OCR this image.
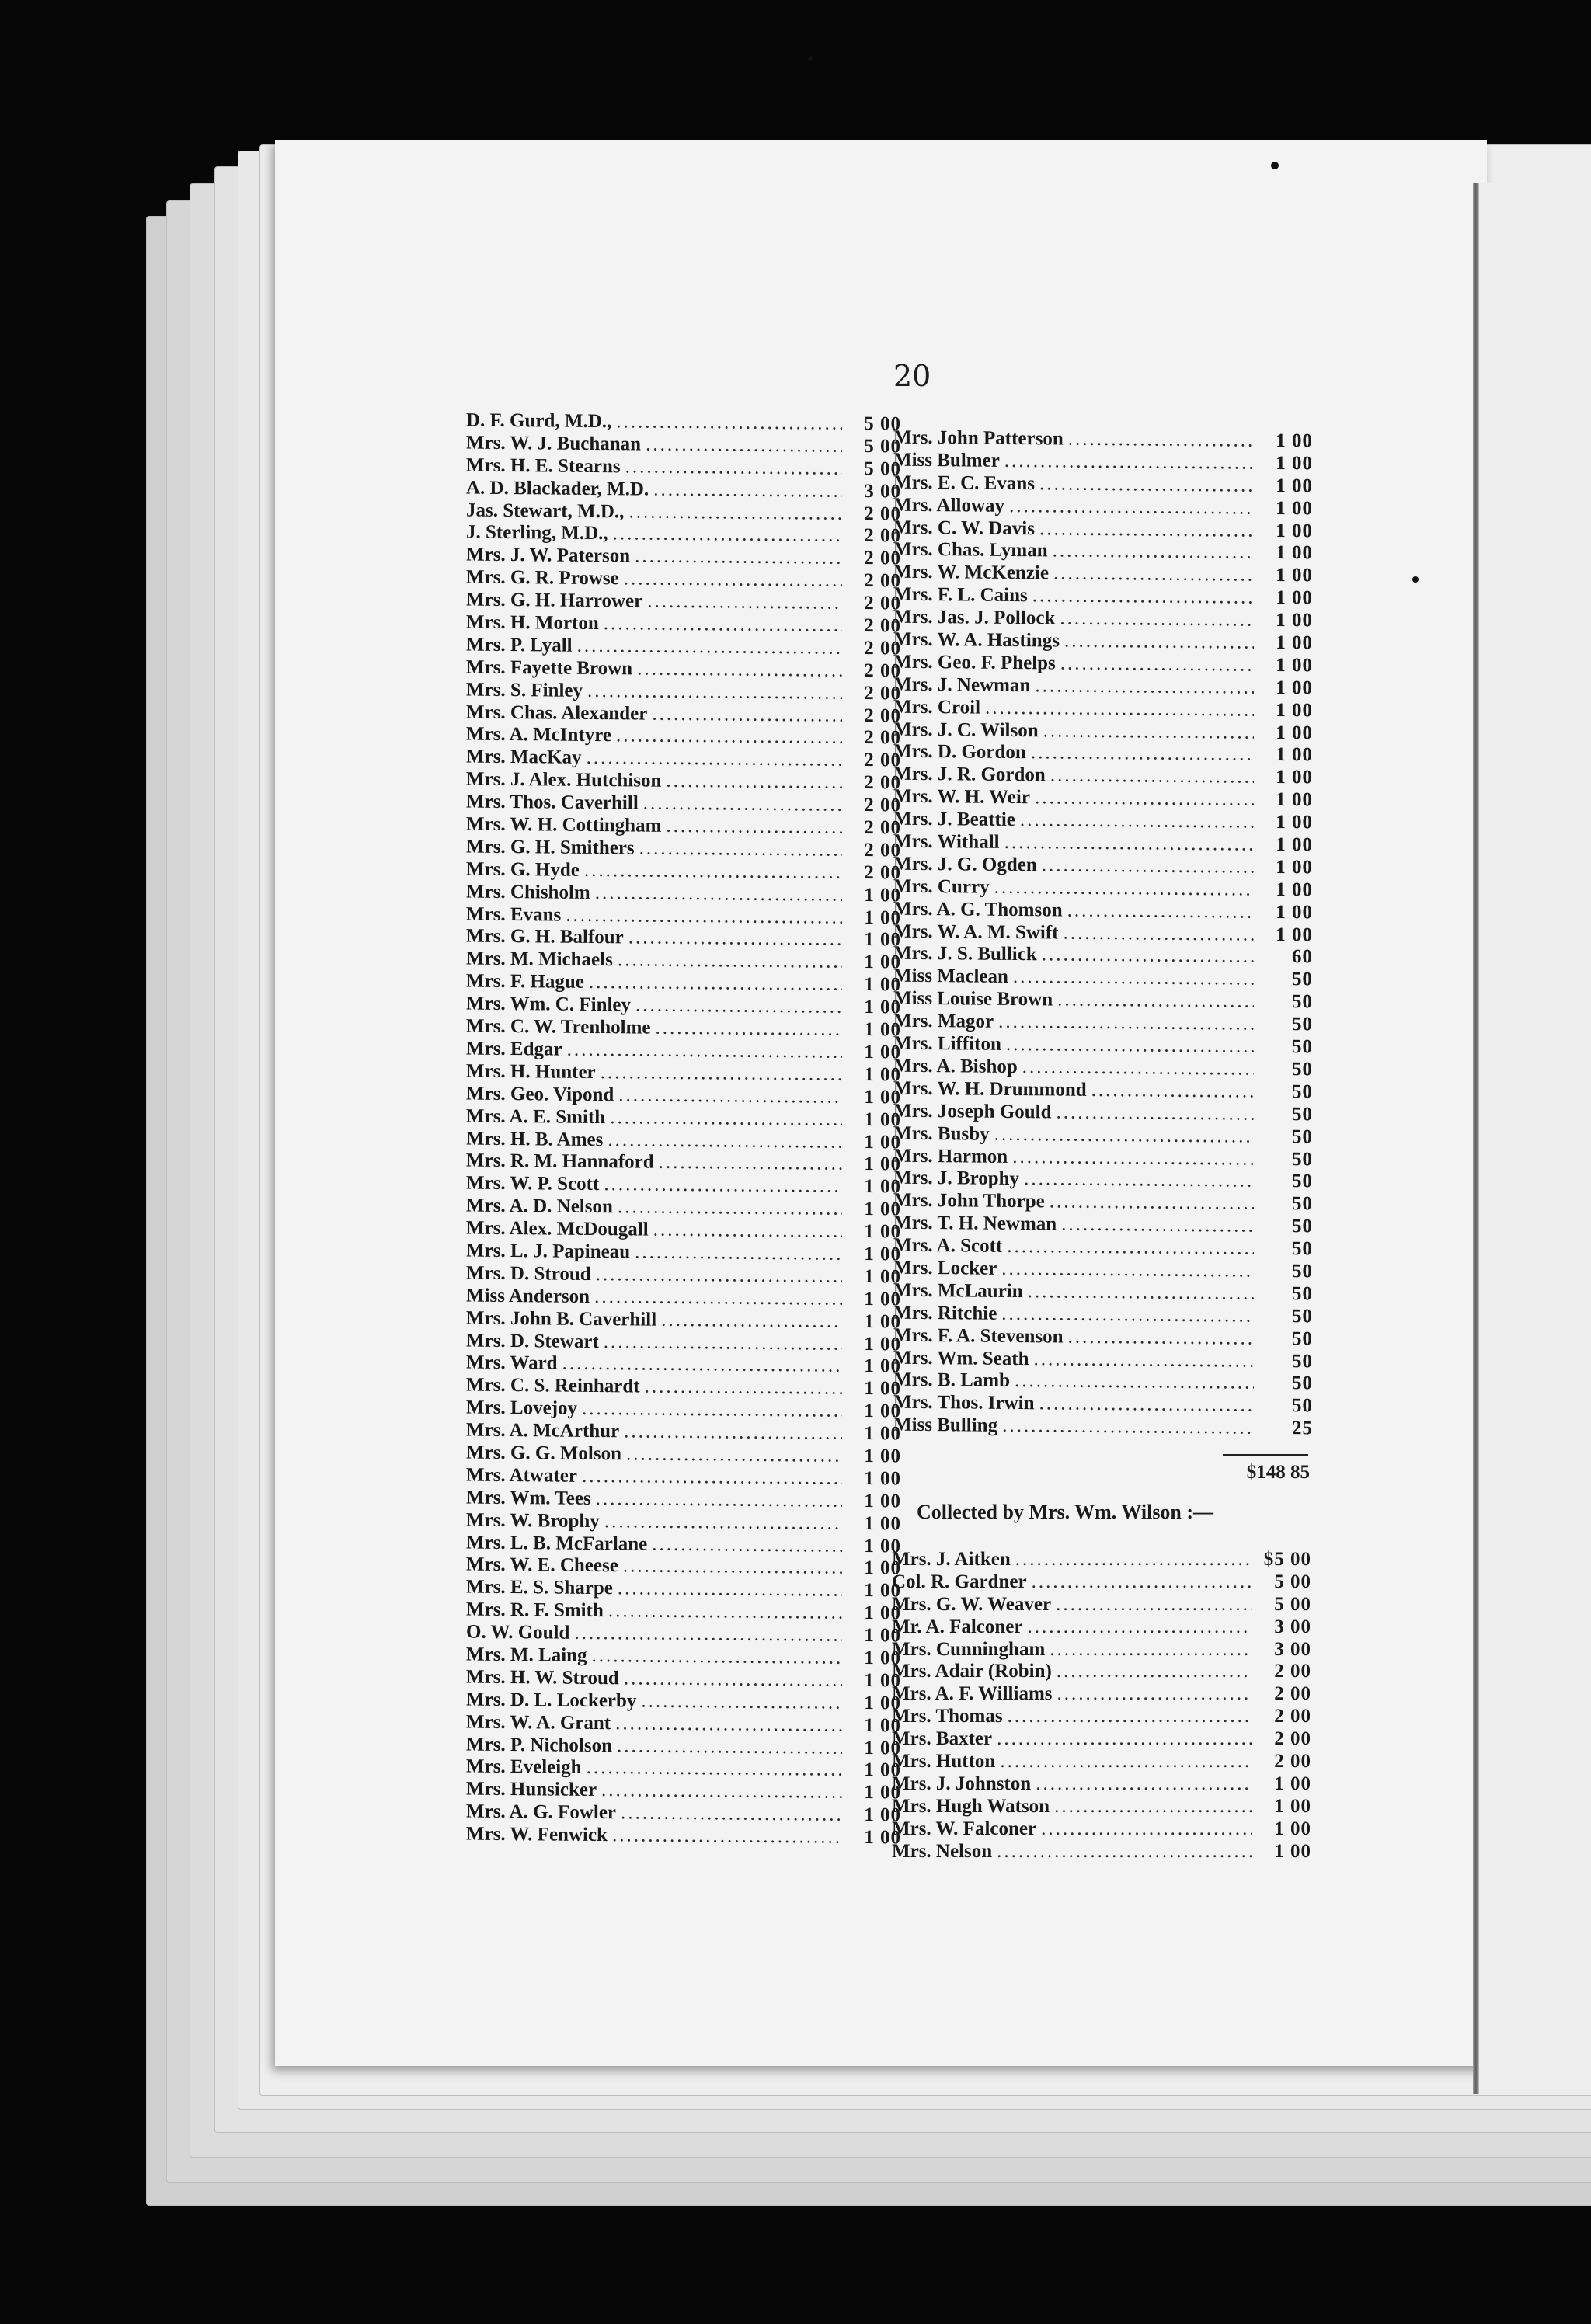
20
D. F. Gurd, M.D., .....	5 00
Mrs. W. J. Buchanan .....	5 00
Mrs. H. E. Stearns .....	5 00
A. D. Blackader, M.D. .....	3 00
Jas. Stewart, M.D., .....	2 00
J. Sterling, M.D., .....	2 00
Mrs. J. W. Paterson .....	2 00
Mrs. G. R. Prowse .....	2 00
Mrs. G. H. Harrower .....	2 00
Mrs. H. Morton .....	2 00
Mrs. P. Lyall .....	2 00
Mrs. Fayette Brown .....	2 00
Mrs. S. Finley .....	2 00
Mrs. Chas. Alexander .....	2 00
Mrs. A. McIntyre .....	2 00
Mrs. MacKay .....	2 00
Mrs. J. Alex. Hutchison .....	2 00
Mrs. Thos. Caverhill .....	2 00
Mrs. W. H. Cottingham .....	2 00
Mrs. G. H. Smithers .....	2 00
Mrs. G. Hyde .....	2 00
Mrs. Chisholm .....	1 00
Mrs. Evans .....	1 00
Mrs. G. H. Balfour .....	1 00
Mrs. M. Michaels .....	1 00
Mrs. F. Hague .....	1 00
Mrs. Wm. C. Finley .....	1 00
Mrs. C. W. Trenholme .....	1 00
Mrs. Edgar .....	1 00
Mrs. H. Hunter .....	1 00
Mrs. Geo. Vipond .....	1 00
Mrs. A. E. Smith .....	1 00
Mrs. H. B. Ames .....	1 00
Mrs. R. M. Hannaford .....	1 00
Mrs. W. P. Scott .....	1 00
Mrs. A. D. Nelson .....	1 00
Mrs. Alex. McDougall .....	1 00
Mrs. L. J. Papineau .....	1 00
Mrs. D. Stroud .....	1 00
Miss Anderson .....	1 00
Mrs. John B. Caverhill .....	1 00
Mrs. D. Stewart .....	1 00
Mrs. Ward .....	1 00
Mrs. C. S. Reinhardt .....	1 00
Mrs. Lovejoy .....	1 00
Mrs. A. McArthur .....	1 00
Mrs. G. G. Molson .....	1 00
Mrs. Atwater .....	1 00
Mrs. Wm. Tees .....	1 00
Mrs. W. Brophy .....	1 00
Mrs. L. B. McFarlane .....	1 00
Mrs. W. E. Cheese .....	1 00
Mrs. E. S. Sharpe .....	1 00
Mrs. R. F. Smith .....	1 00
O. W. Gould .....	1 00
Mrs. M. Laing .....	1 00
Mrs. H. W. Stroud .....	1 00
Mrs. D. L. Lockerby .....	1 00
Mrs. W. A. Grant .....	1 00
Mrs. P. Nicholson .....	1 00
Mrs. Eveleigh .....	1 00
Mrs. Hunsicker .....	1 00
Mrs. A. G. Fowler .....	1 00
Mrs. W. Fenwick .....	1 00
Mrs. John Patterson .....	1 00
Miss Bulmer .....	1 00
Mrs. E. C. Evans .....	1 00
Mrs. Alloway .....	1 00
Mrs. C. W. Davis .....	1 00
Mrs. Chas. Lyman .....	1 00
Mrs. W. McKenzie .....	1 00
Mrs. F. L. Cains .....	1 00
Mrs. Jas. J. Pollock .....	1 00
Mrs. W. A. Hastings .....	1 00
Mrs. Geo. F. Phelps .....	1 00
Mrs. J. Newman .....	1 00
Mrs. Croil .....	1 00
Mrs. J. C. Wilson .....	1 00
Mrs. D. Gordon .....	1 00
Mrs. J. R. Gordon .....	1 00
Mrs. W. H. Weir .....	1 00
Mrs. J. Beattie .....	1 00
Mrs. Withall .....	1 00
Mrs. J. G. Ogden .....	1 00
Mrs. Curry .....	1 00
Mrs. A. G. Thomson .....	1 00
Mrs. W. A. M. Swift .....	1 00
Mrs. J. S. Bullick .....	60
Miss Maclean .....	50
Miss Louise Brown .....	50
Mrs. Magor .....	50
Mrs. Liffiton .....	50
Mrs. A. Bishop .....	50
Mrs. W. H. Drummond .....	50
Mrs. Joseph Gould .....	50
Mrs. Busby .....	50
Mrs. Harmon .....	50
Mrs. J. Brophy .....	50
Mrs. John Thorpe .....	50
Mrs. T. H. Newman .....	50
Mrs. A. Scott .....	50
Mrs. Locker .....	50
Mrs. McLaurin .....	50
Mrs. Ritchie .....	50
Mrs. F. A. Stevenson .....	50
Mrs. Wm. Seath .....	50
Mrs. B. Lamb .....	50
Mrs. Thos. Irwin .....	50
Miss Bulling .....	25
$148 85
Collected by Mrs. Wm. Wilson :—
Mrs. J. Aitken .....	$5 00
Col. R. Gardner .....	5 00
Mrs. G. W. Weaver .....	5 00
Mr. A. Falconer .....	3 00
Mrs. Cunningham .....	3 00
Mrs. Adair (Robin) .....	2 00
Mrs. A. F. Williams .....	2 00
Mrs. Thomas .....	2 00
Mrs. Baxter .....	2 00
Mrs. Hutton .....	2 00
Mrs. J. Johnston .....	1 00
Mrs. Hugh Watson .....	1 00
Mrs. W. Falconer .....	1 00
Mrs. Nelson .....	1 00
